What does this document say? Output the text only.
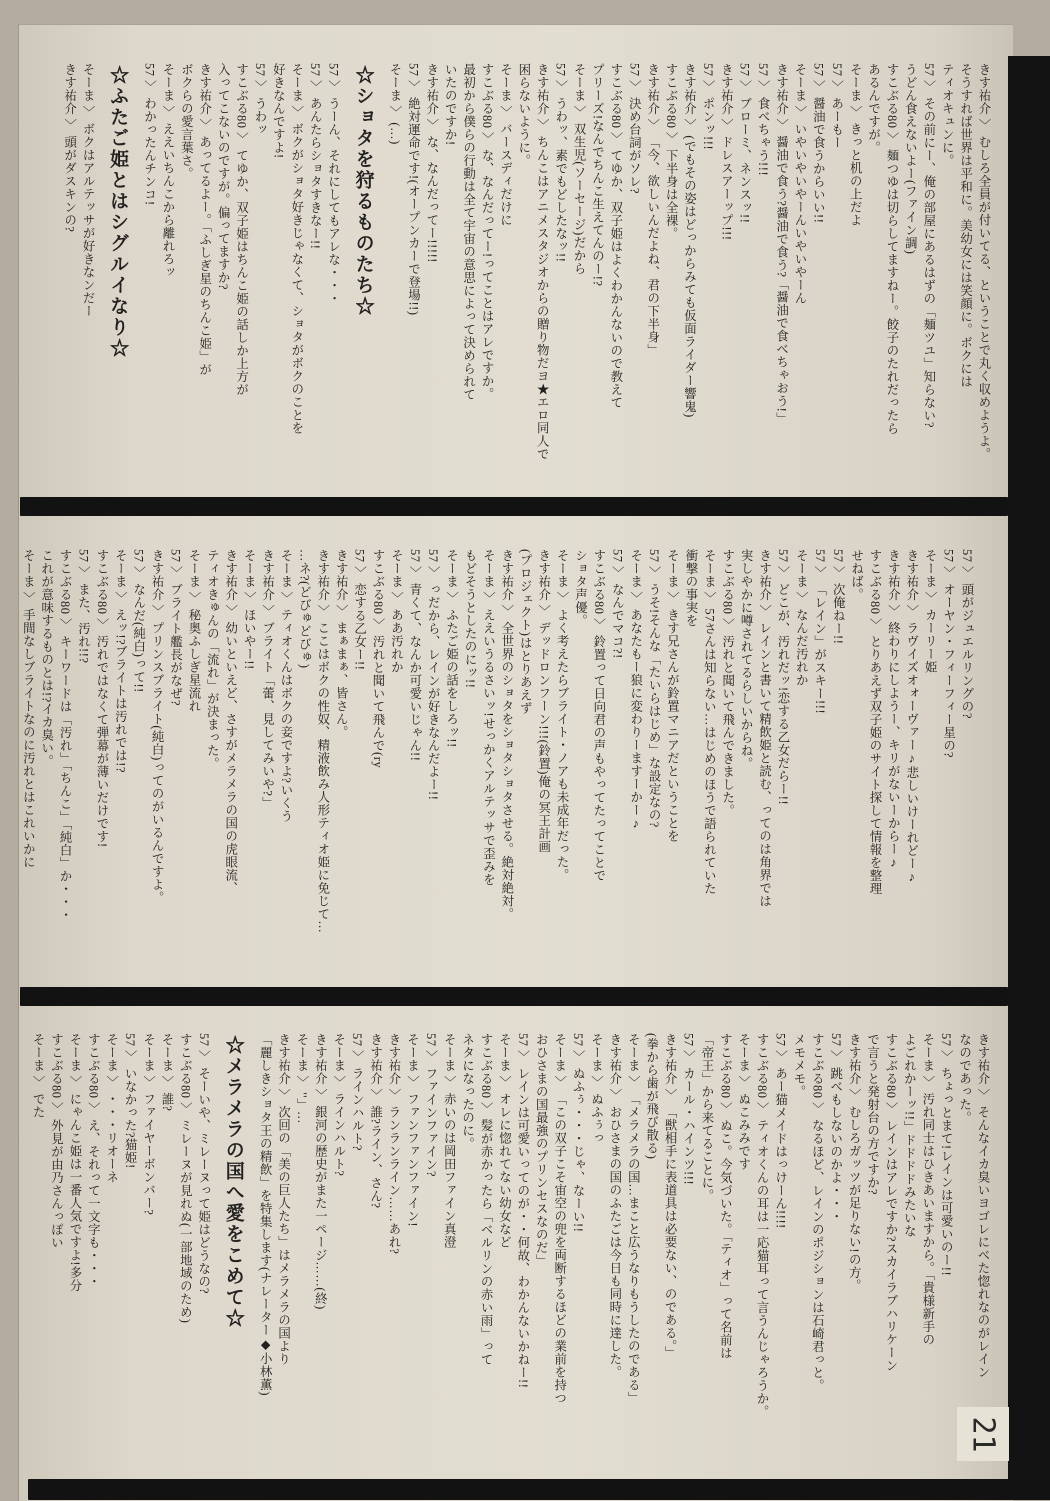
きす祐介 〉 むしろ全員が付いてる、ということで丸く収めようよ。
そうすれば世界は平和に。美幼女には笑顔に。ボクには
ティオキュンに。
57 〉 その前にー、俺の部屋にあるはずの「麺ツユ」知らない?
うどん食えないよー(ファイン調)
すこぶる80 〉 麺つゆは切らしてますねー。餃子のたれだったら
あるんですが。
そーま 〉 きっと机の上だよ
57 〉 あーもー
57 〉 醤油で食うからいい!!
そーま 〉 いやいやいやーんいやいやーん
きす祐介 〉 醤油で食う?醤油で食う?「醤油で食べちゃおう!」
57 〉 食べちゃう!!!
57 〉 ブローミ、ネンスッ!!
きす祐介 〉 ドレスアーップ!!!
57 〉 ポンッ!!!
きす祐介 〉 (でもその姿はどっからみても仮面ライダー響鬼)
すこぶる80 〉 下半身は全裸。
きす祐介 〉 「今、欲しいんだよね、君の下半身」
57 〉 決め台詞がソレ?
すこぶる80 〉 てゆか、双子姫はよくわかんないので教えて
プリーズ!なんでちんこ生えてんのー!?
そーま 〉 双生児(ソーセージ)だから
57 〉 うわッ、素でもどしたなッ!!
きす祐介 〉 ちんこはアニメスタジオからの贈り物だヨ★エロ同人で
困らないように。
そーま 〉 バースディだけに
すこぶる80 〉 な、なんだってー!ってことはアレですか。
最初から僕らの行動は全て宇宙の意思によって決められて
いたのですか!
きす祐介 〉 な、なんだってー!!!!!
57 〉 絶対運命です!(オープンカーで登場!!)
そーま 〉 (…)
☆ショタを狩るものたち☆
57 〉 うーん、それにしてもアレな・・・
57 〉 あんたらショタすきなー!!
そーま 〉 ボクがショタ好きじゃなくて、ショタがボクのことを
好きなんですよ!
57 〉 うわッ
すこぶる80 〉 てゆか、双子姫はちんこ姫の話しか上方が
入ってこないのですが。偏ってますか?
きす祐介 〉 あってるよー。「ふしぎ星のちんこ姫」が
ボクらの愛言葉さ。
そーま 〉 ええいちんこから離れろッ
57 〉 わかったんチンコ!
☆ふたご姫とはシグルイなり☆
そーま 〉 ボクはアルテッサが好きなンだー
きす祐介 〉 頭がダスキンの?
57 〉 頭がジュエルリングの?
57 〉 オーヤン・フィーフィー星の?
そーま 〉 カーリー姫
きす祐介 〉 ラヴイズオォーヴァー♪悲しいけーれどー♪
きす祐介 〉 終わりにしようー、キリがないーからー♪
すこぶる80 〉 とりあえず双子姫のサイト探して情報を整理
せねば。
57 〉 次俺ねー!!
57 〉 「レイン」がスキー!!!
そーま 〉 なんだ汚れか
57 〉 どこが、汚れだッ!恋する乙女だらー!!
きす祐介 〉 レインと書いて精飲姫と読む、ってのは角界では
実しやかに噂されてるらしいからね。
すこぶる80 〉 汚れと聞いて飛んできました。
そーま 〉 57さんは知らない…はじめのほうで語られていた
衝撃の事実を
そーま 〉 きす兄さんが鈴置マニアだということを
57 〉 うそ!そんな「たいらはじめ」な設定なの?
そーま 〉 あなたもー狼に変わりーますーかー♪
57 〉 なんでマコ?!
すこぶる80 〉 鈴置って日向君の声もやってたってことで
ショタ声優。
そーま 〉 よく考えたらブライト・ノアも未成年だった。
きす祐介 〉 デッドロンフーン!!!(鈴置)俺の冥王計画
(プロジェクト)はとりあえず
きす祐介 〉 全世界のショタをショタショタさせる。絶対絶対。
そーま 〉 ええいうるさいッ!せっかくアルテッサで歪みを
もどそうとしたのにッ!!
そーま 〉 ふたご姫の話をしろッ!!
57 〉 っだから、レインが好きなんだよー!!
57 〉 青くて、なんか可愛いじゃん!!
そーま 〉 ああ汚れか
すこぶる80 〉 汚れと聞いて飛んで(ry
57 〉 恋する乙女ー!!
きす祐介 〉 まぁまぁ、皆さん。
きす祐介 〉 ここはボクの性奴、精液飲み人形ティオ姫に免じて…
…ネ?(どびゅどびゅ)
そーま 〉 ティオくんはボクの妾ですよ?いくう
きす祐介 〉 ブライト「蕾、見してみいや?」
そーま 〉 ほいやー!!
きす祐介 〉 幼いといえど、さすがメラメラの国の虎眼流、
ティオきゅんの「流れ」が決まった。
そーま 〉 秘奥ふしぎ星流れ
57 〉 ブライト艦長がなぜ?
きす祐介 〉 プリンスブライト(純白)ってのがいるんですよ。
57 〉 なんだ(純白)って!!
そーま 〉 えッ!?ブライトは汚れでは!?
すこぶる80 〉 汚れではなくて弾幕が薄いだけです!
57 〉 また、汚れ!!?
すこぶる80 〉 キーワードは「汚れ」「ちんこ」「純白」か・・・
これが意味するものとは!?イカ臭い。
そーま 〉 手間なしブライトなのに汚れとはこれいかに
きす祐介 〉 そんなイカ臭いヨゴレにべた惚れなのがレイン
なのであった。
57 〉 ちょっとまて!レインは可愛いのー!!
そーま 〉 汚れ同士はひきあいますから。「貴様新手の
よごれかーッ!!」ドドドドみたいな
すこぶる80 〉 レインはアレですか?スカイラブハリケーン
で言うと発射台の方ですか?
きす祐介 〉 むしろガッツが足りない!の方。
57 〉 跳べもしないのかよ・・・
すこぶる80 〉 なるほど、レインのポジションは石崎君っと。
メモメモ。
57 〉 あー猫メイドはっけーん!!!!
すこぶる80 〉 ティオくんの耳は一応猫耳って言うんじゃろうか。
そーま 〉 ぬこみみです
すこぶる80 〉 ぬこ。今気づいた。「ティオ」って名前は
「帝王」から来てることに。
57 〉 カール・ハインツ!!!
きす祐介 〉 「獣相手に表道具は必要ない、のである。」
(拳から歯が飛び散る)
そーま 〉 「メラメラの国…まこと広うなりもうしたのである」
きす祐介 〉 おひさまの国のふたごは今日も同時に達した。
そーま 〉 ぬふぅっ
57 〉 ぬふぅ・・・じゃ、なーい!!
そーま 〉 「この双子こそ宙空の兜を両断するほどの業前を持つ
おひさまの国最強のプリンセスなのだ」
57 〉 レインは可愛いってのが・・何故、わかんないかねー!!
そーま 〉 オレに惚れてない幼女など
すこぶる80 〉 髪が赤かったら「ベルリンの赤い雨」って
ネタになったのに。
そーま 〉 赤いのは岡田ファイン真澄
57 〉 ファインファイン?
そーま 〉 ファンファンファイン!
きす祐介 〉 ランランライン……あれ?
きす祐介 〉 誰?ライン、さん?
57 〉 ラインハルト?
そーま 〉 ラインハルト?
きす祐介 〉 銀河の歴史がまた一ページ……(終)
そーま 〉 ''」…
きす祐介 〉 次回の「美の巨人たち」はメラメラの国より
「麗しきショタ王の精飲」を特集します(ナレーター◆小林薫)
☆メラメラの国へ愛をこめて☆
57 〉 そーいや、ミレーヌって姫はどうなの?
すこぶる80 〉 ミレーヌが見れぬ(一部地域のため)
そーま 〉 誰?
そーま 〉 ファイヤーボンバー?
57 〉 いなかった?猫姫!
そーま 〉 ・・・リオーネ
すこぶる80 〉 え、それって一文字も・・・
そーま 〉 にゃんこ姫は一番人気ですよ!多分
すこぶる80 〉 外見が由乃さんっぽい
そーま 〉 でた
21
